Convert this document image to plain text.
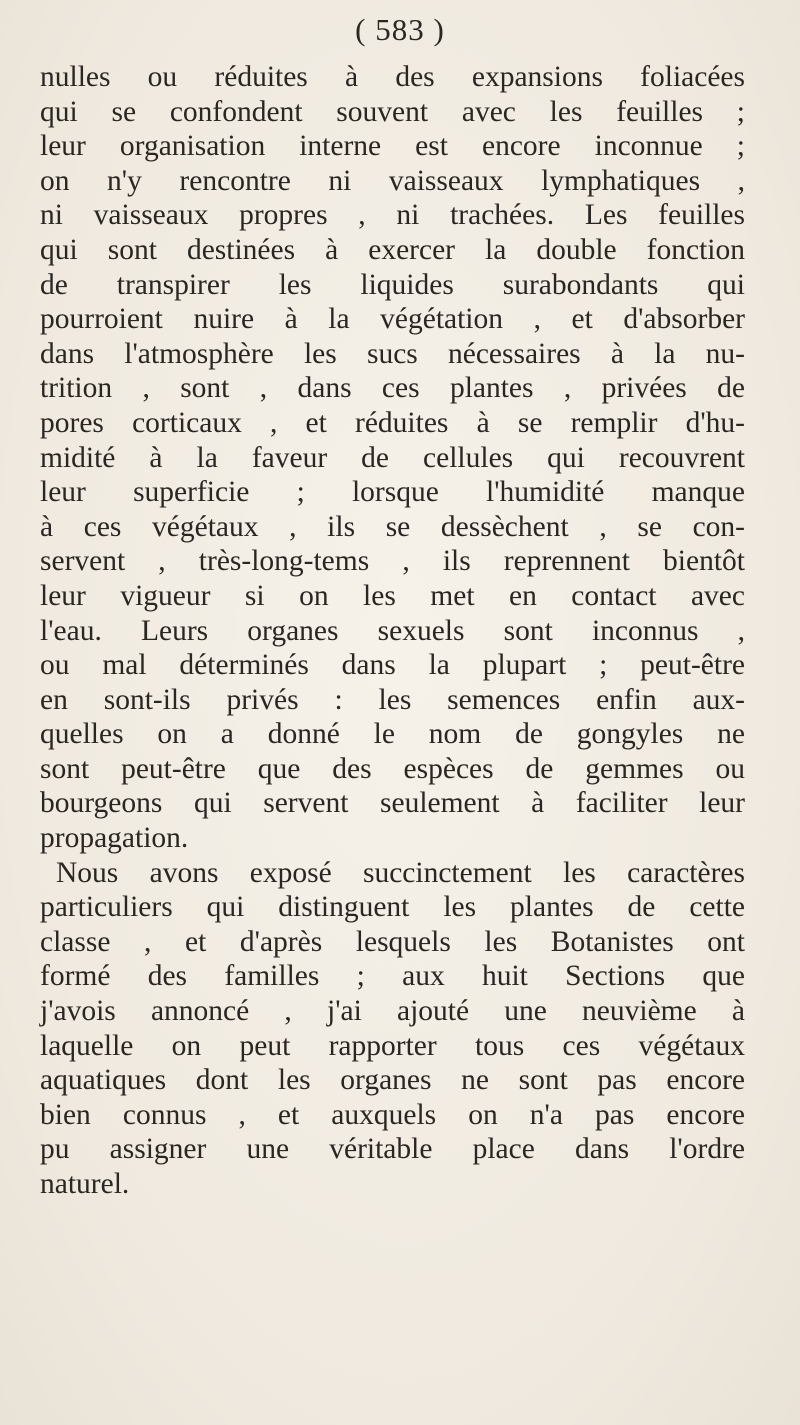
( 583 )
nulles ou réduites à des expansions foliacées
qui se confondent souvent avec les feuilles ;
leur organisation interne est encore inconnue ;
on n'y rencontre ni vaisseaux lymphatiques ,
ni vaisseaux propres , ni trachées. Les feuilles
qui sont destinées à exercer la double fonction
de transpirer les liquides surabondants qui
pourroient nuire à la végétation , et d'absorber
dans l'atmosphère les sucs nécessaires à la nu-
trition , sont , dans ces plantes , privées de
pores corticaux , et réduites à se remplir d'hu-
midité à la faveur de cellules qui recouvrent
leur superficie ; lorsque l'humidité manque
à ces végétaux , ils se dessèchent , se con-
servent , très-long-tems , ils reprennent bientôt
leur vigueur si on les met en contact avec
l'eau. Leurs organes sexuels sont inconnus ,
ou mal déterminés dans la plupart ; peut-être
en sont-ils privés : les semences enfin aux-
quelles on a donné le nom de gongyles ne
sont peut-être que des espèces de gemmes ou
bourgeons qui servent seulement à faciliter leur
propagation.
Nous avons exposé succinctement les caractères
particuliers qui distinguent les plantes de cette
classe , et d'après lesquels les Botanistes ont
formé des familles ; aux huit Sections que
j'avois annoncé , j'ai ajouté une neuvième à
laquelle on peut rapporter tous ces végétaux
aquatiques dont les organes ne sont pas encore
bien connus , et auxquels on n'a pas encore
pu assigner une véritable place dans l'ordre
naturel.
